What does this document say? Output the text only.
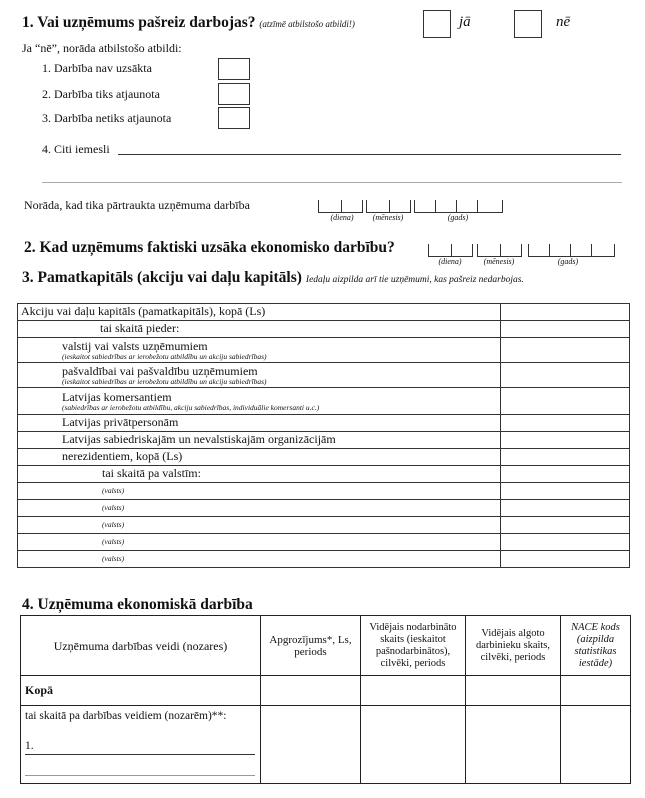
1. Vai uzņēmums pašreiz darbojas? (atzīmē atbilstošo atbildi!)	jā	nē
Ja “nē”, norāda atbilstošo atbildi:
1. Darbība nav uzsākta
2. Darbība tiks atjaunota
3. Darbība netiks atjaunota
4. Citi iemesli
Norāda, kad tika pārtraukta uzņēmuma darbība
(diena)	(mēnesis)	(gads)
2. Kad uzņēmums faktiski uzsāka ekonomisko darbību?
(diena)	(mēnesis)	(gads)
3. Pamatkapitāls (akciju vai daļu kapitāls) Iedaļu aizpilda arī tie uzņēmumi, kas pašreiz nedarbojas.
Akciju vai daļu kapitāls (pamatkapitāls), kopā (Ls)
tai skaitā pieder:
valstij vai valsts uzņēmumiem
(ieskaitot sabiedrības ar ierobežotu atbildību un akciju sabiedrības)
pašvaldībai vai pašvaldību uzņēmumiem
(ieskaitot sabiedrības ar ierobežotu atbildību un akciju sabiedrības)
Latvijas komersantiem
(sabiedrības ar ierobežotu atbildību, akciju sabiedrības, individuālie komersanti u.c.)
Latvijas privātpersonām
Latvijas sabiedriskajām un nevalstiskajām organizācijām
nerezidentiem, kopā (Ls)
tai skaitā pa valstīm:
(valsts)
(valsts)
(valsts)
(valsts)
(valsts)
4. Uzņēmuma ekonomiskā darbība
Uzņēmuma darbības veidi (nozares)	Apgrozījums*, Ls, periods	Vidējais nodarbināto skaits (ieskaitot pašnodarbinātos), cilvēki, periods	Vidējais algoto darbinieku skaits, cilvēki, periods	NACE kods (aizpilda statistikas iestāde)
Kopā				

tai skaitā pa darbības veidiem (nozarēm)**:
1.				
